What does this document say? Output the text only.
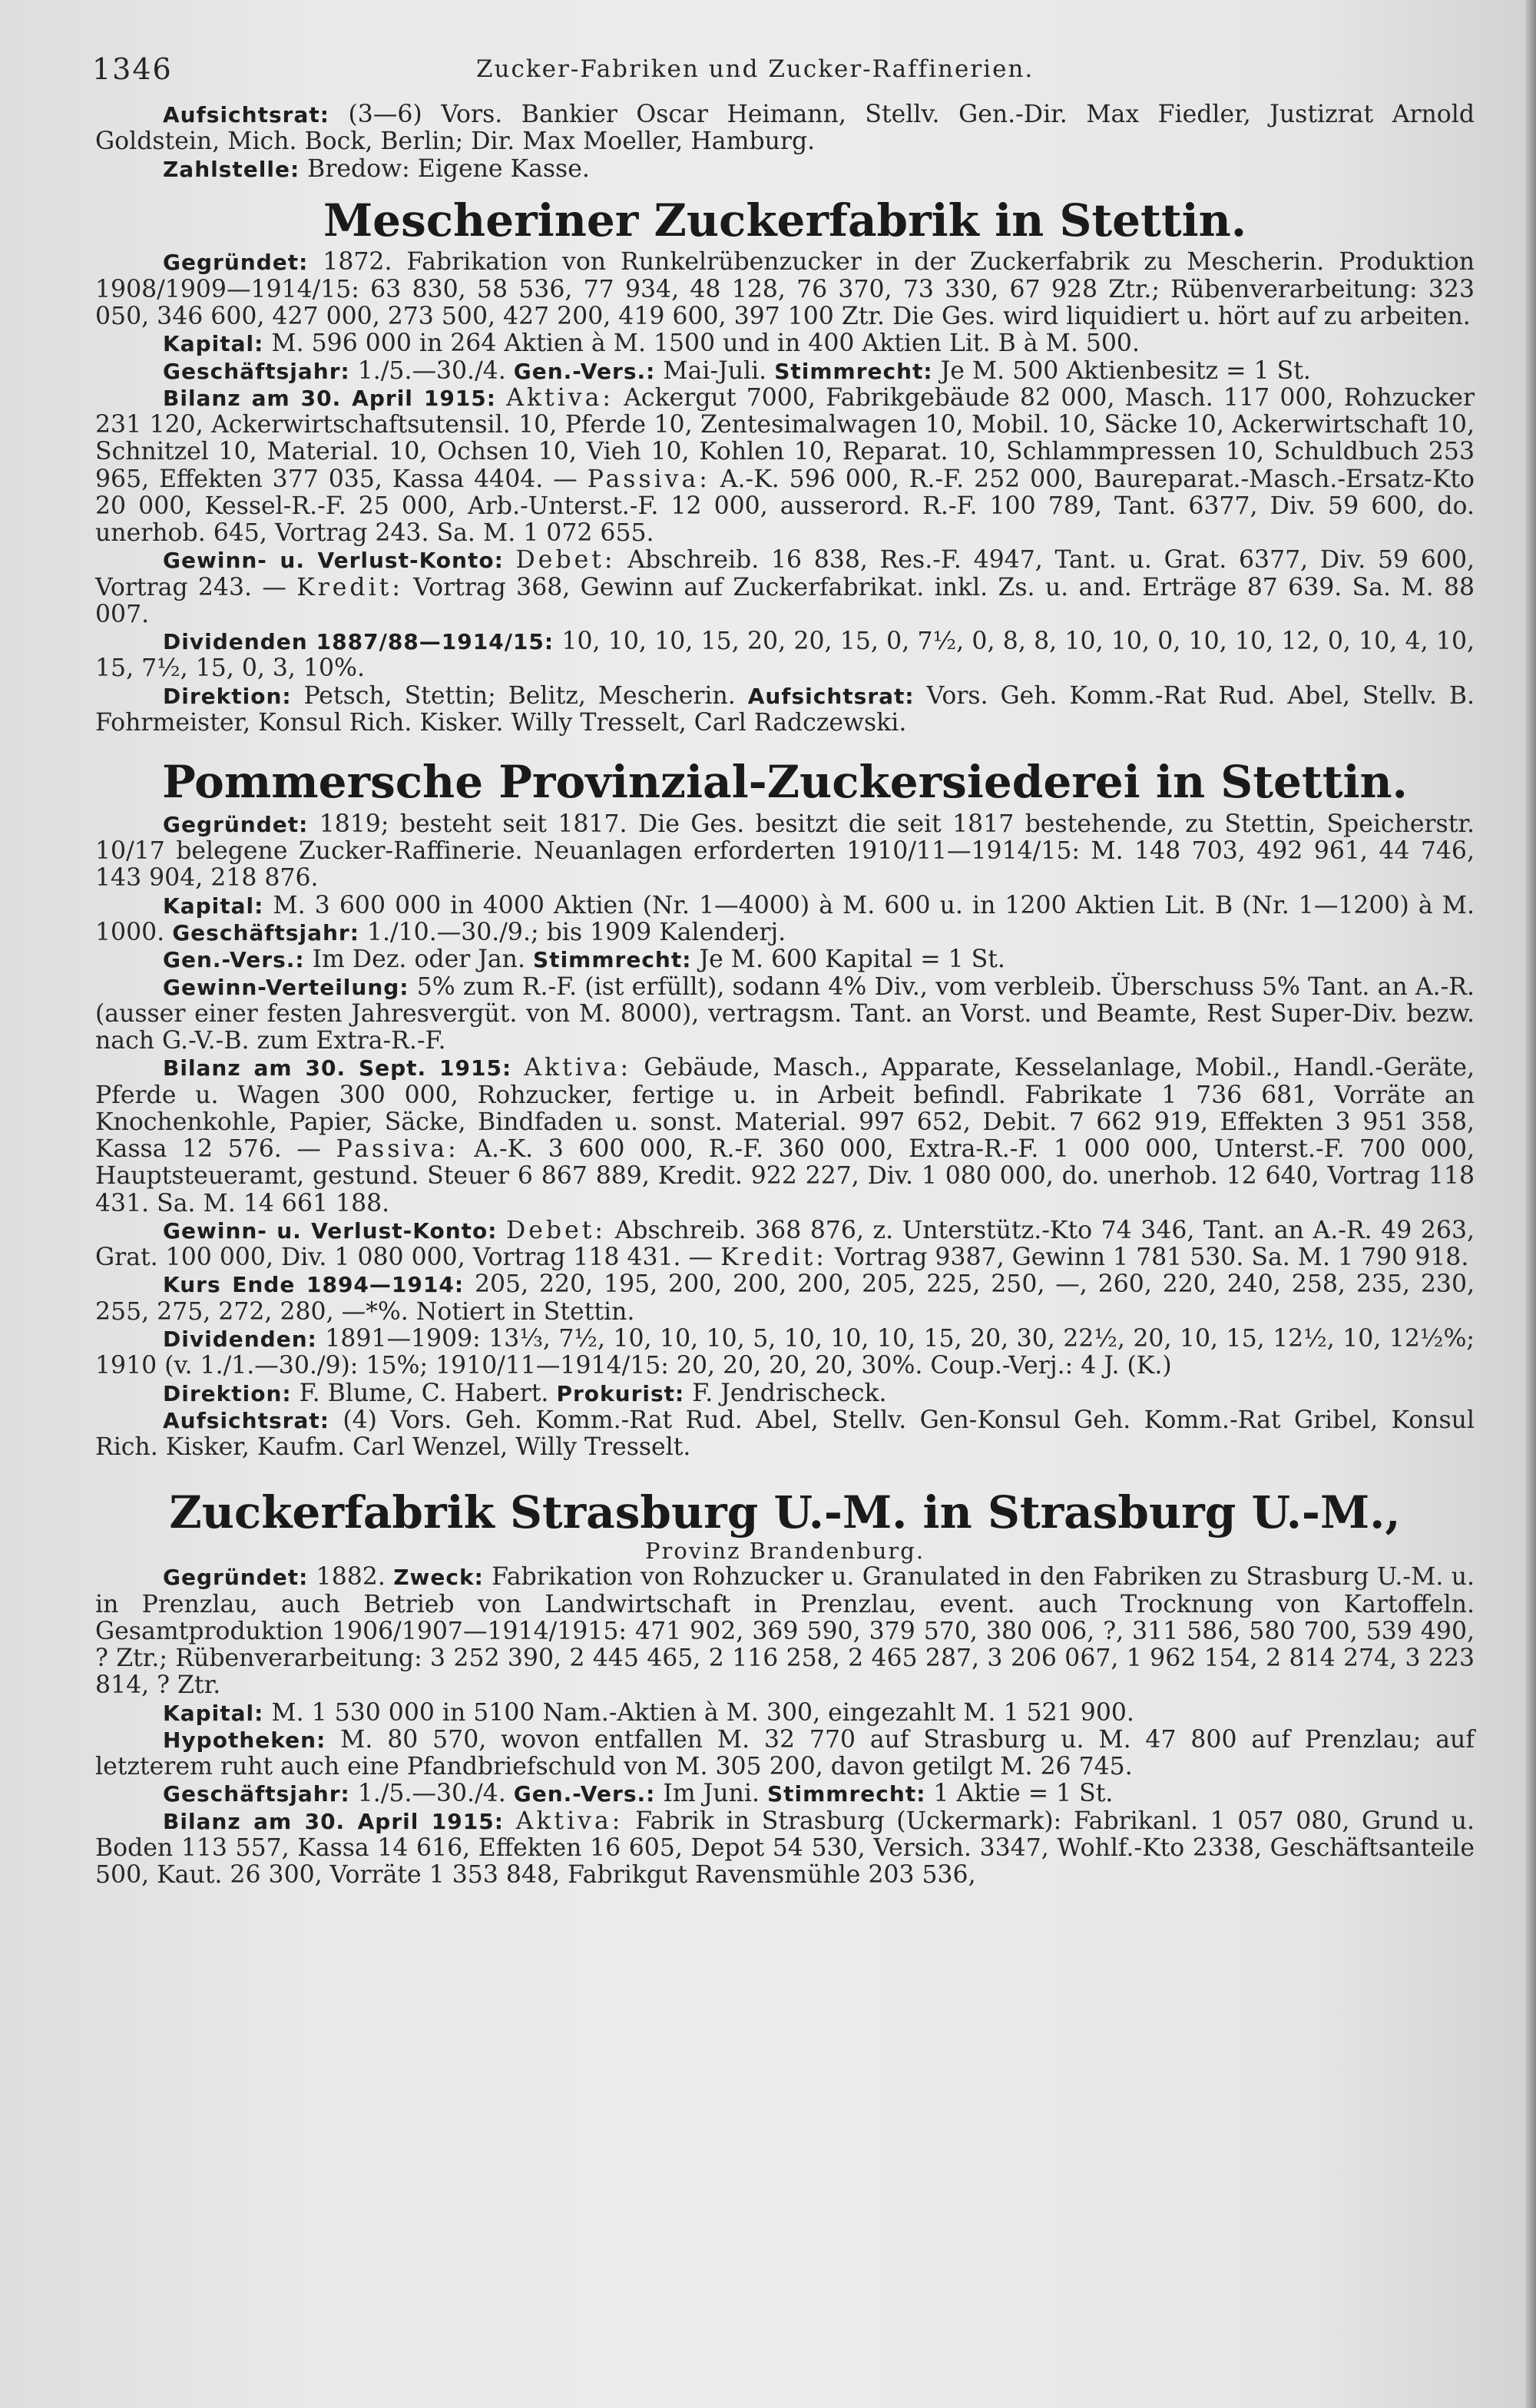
1346	Zucker-Fabriken und Zucker-Raffinerien.

Aufsichtsrat: (3—6) Vors. Bankier Oscar Heimann, Stellv. Gen.-Dir. Max Fiedler, Justizrat Arnold Goldstein, Mich. Bock, Berlin; Dir. Max Moeller, Hamburg.

Zahlstelle: Bredow: Eigene Kasse.

Mescheriner Zuckerfabrik in Stettin.

Gegründet: 1872. Fabrikation von Runkelrübenzucker in der Zuckerfabrik zu Mescherin. Produktion 1908/1909—1914/15: 63 830, 58 536, 77 934, 48 128, 76 370, 73 330, 67 928 Ztr.; Rübenverarbeitung: 323 050, 346 600, 427 000, 273 500, 427 200, 419 600, 397 100 Ztr. Die Ges. wird liquidiert u. hört auf zu arbeiten.

Kapital: M. 596 000 in 264 Aktien à M. 1500 und in 400 Aktien Lit. B à M. 500.

Geschäftsjahr: 1./5.—30./4. Gen.-Vers.: Mai-Juli. Stimmrecht: Je M. 500 Aktienbesitz = 1 St.

Bilanz am 30. April 1915: Aktiva: Ackergut 7000, Fabrikgebäude 82 000, Masch. 117 000, Rohzucker 231 120, Ackerwirtschaftsutensil. 10, Pferde 10, Zentesimalwagen 10, Mobil. 10, Säcke 10, Ackerwirtschaft 10, Schnitzel 10, Material. 10, Ochsen 10, Vieh 10, Kohlen 10, Reparat. 10, Schlammpressen 10, Schuldbuch 253 965, Effekten 377 035, Kassa 4404. — Passiva: A.-K. 596 000, R.-F. 252 000, Baureparat.-Masch.-Ersatz-Kto 20 000, Kessel-R.-F. 25 000, Arb.-Unterst.-F. 12 000, ausserord. R.-F. 100 789, Tant. 6377, Div. 59 600, do. unerhob. 645, Vortrag 243. Sa. M. 1 072 655.

Gewinn- u. Verlust-Konto: Debet: Abschreib. 16 838, Res.-F. 4947, Tant. u. Grat. 6377, Div. 59 600, Vortrag 243. — Kredit: Vortrag 368, Gewinn auf Zuckerfabrikat. inkl. Zs. u. and. Erträge 87 639. Sa. M. 88 007.

Dividenden 1887/88—1914/15: 10, 10, 10, 15, 20, 20, 15, 0, 7½, 0, 8, 8, 10, 10, 0, 10, 10, 12, 0, 10, 4, 10, 15, 7½, 15, 0, 3, 10%.

Direktion: Petsch, Stettin; Belitz, Mescherin. Aufsichtsrat: Vors. Geh. Komm.-Rat Rud. Abel, Stellv. B. Fohrmeister, Konsul Rich. Kisker. Willy Tresselt, Carl Radczewski.

Pommersche Provinzial-Zuckersiederei in Stettin.

Gegründet: 1819; besteht seit 1817. Die Ges. besitzt die seit 1817 bestehende, zu Stettin, Speicherstr. 10/17 belegene Zucker-Raffinerie. Neuanlagen erforderten 1910/11—1914/15: M. 148 703, 492 961, 44 746, 143 904, 218 876.

Kapital: M. 3 600 000 in 4000 Aktien (Nr. 1—4000) à M. 600 u. in 1200 Aktien Lit. B (Nr. 1—1200) à M. 1000. Geschäftsjahr: 1./10.—30./9.; bis 1909 Kalenderj.

Gen.-Vers.: Im Dez. oder Jan. Stimmrecht: Je M. 600 Kapital = 1 St.

Gewinn-Verteilung: 5% zum R.-F. (ist erfüllt), sodann 4% Div., vom verbleib. Überschuss 5% Tant. an A.-R. (ausser einer festen Jahresvergüt. von M. 8000), vertragsm. Tant. an Vorst. und Beamte, Rest Super-Div. bezw. nach G.-V.-B. zum Extra-R.-F.

Bilanz am 30. Sept. 1915: Aktiva: Gebäude, Masch., Apparate, Kesselanlage, Mobil., Handl.-Geräte, Pferde u. Wagen 300 000, Rohzucker, fertige u. in Arbeit befindl. Fabrikate 1 736 681, Vorräte an Knochenkohle, Papier, Säcke, Bindfaden u. sonst. Material. 997 652, Debit. 7 662 919, Effekten 3 951 358, Kassa 12 576. — Passiva: A.-K. 3 600 000, R.-F. 360 000, Extra-R.-F. 1 000 000, Unterst.-F. 700 000, Hauptsteueramt, gestund. Steuer 6 867 889, Kredit. 922 227, Div. 1 080 000, do. unerhob. 12 640, Vortrag 118 431. Sa. M. 14 661 188.

Gewinn- u. Verlust-Konto: Debet: Abschreib. 368 876, z. Unterstütz.-Kto 74 346, Tant. an A.-R. 49 263, Grat. 100 000, Div. 1 080 000, Vortrag 118 431. — Kredit: Vortrag 9387, Gewinn 1 781 530. Sa. M. 1 790 918.

Kurs Ende 1894—1914: 205, 220, 195, 200, 200, 200, 205, 225, 250, —, 260, 220, 240, 258, 235, 230, 255, 275, 272, 280, —*%. Notiert in Stettin.

Dividenden: 1891—1909: 13⅓, 7½, 10, 10, 10, 5, 10, 10, 10, 15, 20, 30, 22½, 20, 10, 15, 12½, 10, 12½%; 1910 (v. 1./1.—30./9): 15%; 1910/11—1914/15: 20, 20, 20, 20, 30%. Coup.-Verj.: 4 J. (K.)

Direktion: F. Blume, C. Habert. Prokurist: F. Jendrischeck.

Aufsichtsrat: (4) Vors. Geh. Komm.-Rat Rud. Abel, Stellv. Gen-Konsul Geh. Komm.-Rat Gribel, Konsul Rich. Kisker, Kaufm. Carl Wenzel, Willy Tresselt.

Zuckerfabrik Strasburg U.-M. in Strasburg U.-M.,

Provinz Brandenburg.

Gegründet: 1882. Zweck: Fabrikation von Rohzucker u. Granulated in den Fabriken zu Strasburg U.-M. u. in Prenzlau, auch Betrieb von Landwirtschaft in Prenzlau, event. auch Trocknung von Kartoffeln. Gesamtproduktion 1906/1907—1914/1915: 471 902, 369 590, 379 570, 380 006, ?, 311 586, 580 700, 539 490, ? Ztr.; Rübenverarbeitung: 3 252 390, 2 445 465, 2 116 258, 2 465 287, 3 206 067, 1 962 154, 2 814 274, 3 223 814, ? Ztr.

Kapital: M. 1 530 000 in 5100 Nam.-Aktien à M. 300, eingezahlt M. 1 521 900.

Hypotheken: M. 80 570, wovon entfallen M. 32 770 auf Strasburg u. M. 47 800 auf Prenzlau; auf letzterem ruht auch eine Pfandbriefschuld von M. 305 200, davon getilgt M. 26 745.

Geschäftsjahr: 1./5.—30./4. Gen.-Vers.: Im Juni. Stimmrecht: 1 Aktie = 1 St.

Bilanz am 30. April 1915: Aktiva: Fabrik in Strasburg (Uckermark): Fabrikanl. 1 057 080, Grund u. Boden 113 557, Kassa 14 616, Effekten 16 605, Depot 54 530, Versich. 3347, Wohlf.-Kto 2338, Geschäftsanteile 500, Kaut. 26 300, Vorräte 1 353 848, Fabrikgut Ravensmühle 203 536,
